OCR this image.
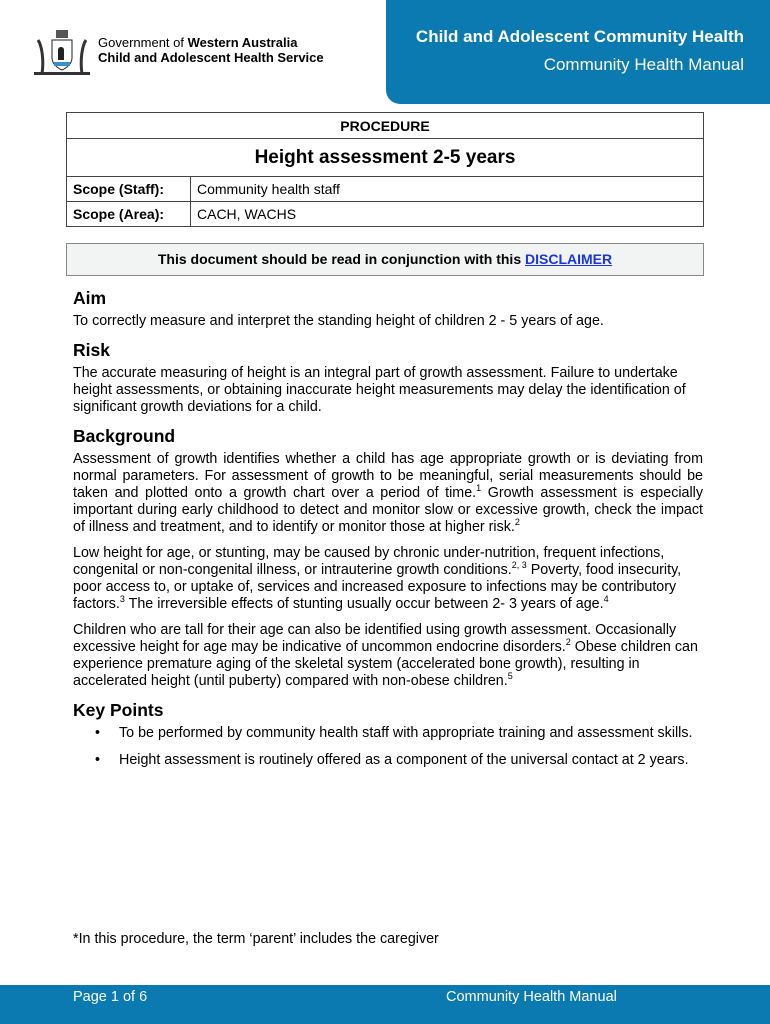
Government of Western Australia
Child and Adolescent Health Service
Child and Adolescent Community Health
Community Health Manual
PROCEDURE	
Height assessment 2-5 years	
Scope (Staff):	Community health staff
Scope (Area):	CACH, WACHS
This document should be read in conjunction with this DISCLAIMER
Aim

To correctly measure and interpret the standing height of children 2 - 5 years of age.

Risk

The accurate measuring of height is an integral part of growth assessment. Failure to undertake height assessments, or obtaining inaccurate height measurements may delay the identification of significant growth deviations for a child.

Background

Assessment of growth identifies whether a child has age appropriate growth or is deviating from normal parameters. For assessment of growth to be meaningful, serial measurements should be taken and plotted onto a growth chart over a period of time.$^1$ Growth assessment is especially important during early childhood to detect and monitor slow or excessive growth, check the impact of illness and treatment, and to identify or monitor those at higher risk.$^2$

Low height for age, or stunting, may be caused by chronic under-nutrition, frequent infections, congenital or non-congenital illness, or intrauterine growth conditions.$^{2, 3}$ Poverty, food insecurity, poor access to, or uptake of, services and increased exposure to infections may be contributory factors.$^3$ The irreversible effects of stunting usually occur between 2- 3 years of age.$^4$

Children who are tall for their age can also be identified using growth assessment. Occasionally excessive height for age may be indicative of uncommon endocrine disorders.$^2$ Obese children can experience premature aging of the skeletal system (accelerated bone growth), resulting in accelerated height (until puberty) compared with non-obese children.$^5$

Key Points
• To be performed by community health staff with appropriate training and assessment skills.
• Height assessment is routinely offered as a component of the universal contact at 2 years.
*In this procedure, the term ‘parent’ includes the caregiver
Page 1 of 6	Community Health Manual
